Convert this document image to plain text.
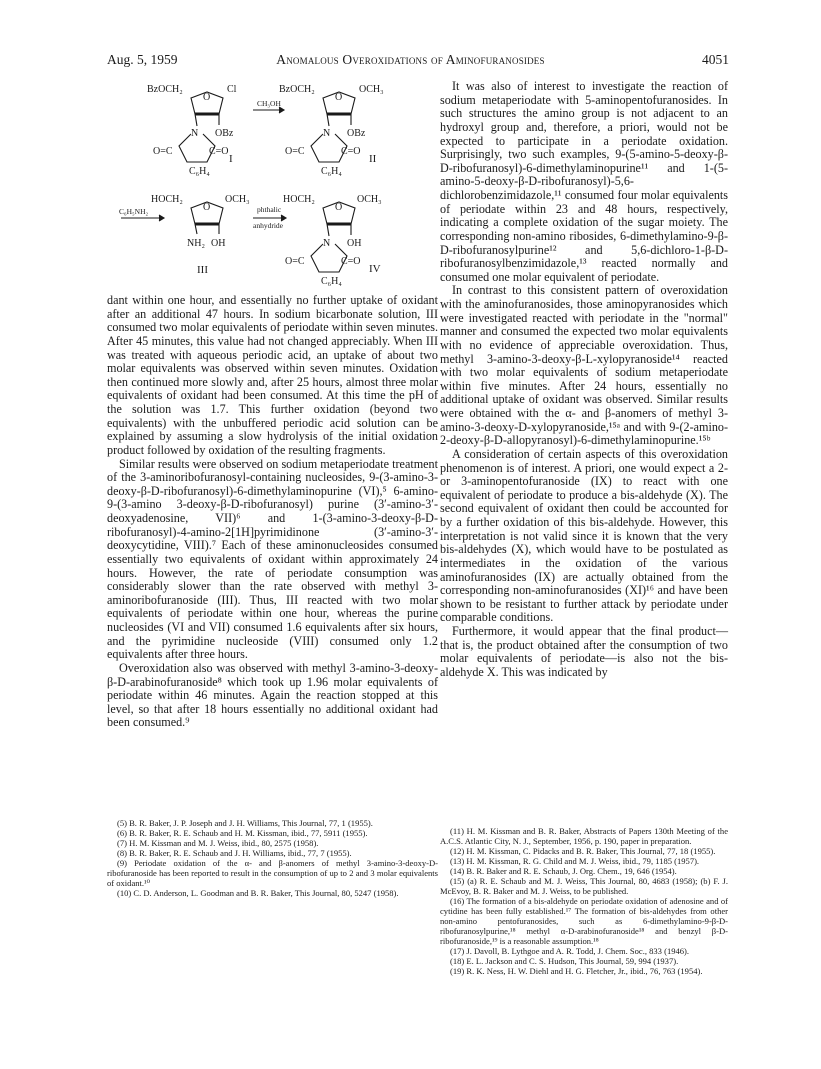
Aug. 5, 1959	Anomalous Overoxidations of Aminofuranosides	4051
BzOCH₂
O
Cl
N OBz
O=C	C=O
C₆H₄
I
CH₃OH
BzOCH₂
O
OCH₃
N OBz
O=C	C=O
C₆H₄
II
C₆H₅NH₂
HOCH₂
O
OCH₃
NH₂ OH
III
phthalic
anhydride
HOCH₂
O
OCH₃
N OH
O=C	C=O
C₆H₄
IV

dant within one hour, and essentially no further uptake of oxidant after an additional 47 hours. In sodium bicarbonate solution, III consumed two molar equivalents of periodate within seven minutes. After 45 minutes, this value had not changed appreciably. When III was treated with aqueous periodic acid, an uptake of about two molar equivalents was observed within seven minutes. Oxidation then continued more slowly and, after 25 hours, almost three molar equivalents of oxidant had been consumed. At this time the pH of the solution was 1.7. This further oxidation (beyond two equivalents) with the unbuffered periodic acid solution can be explained by assuming a slow hydrolysis of the initial oxidation product followed by oxidation of the resulting fragments.

Similar results were observed on sodium metaperiodate treatment of the 3-aminoribofuranosyl-containing nucleosides, 9-(3-amino-3-deoxy-β-D-ribofuranosyl)-6-dimethylaminopurine (VI),⁵ 6-amino-9-(3-amino 3-deoxy-β-D-ribofuranosyl) purine (3′-amino-3′-deoxyadenosine, VII)⁶ and 1-(3-amino-3-deoxy-β-D-ribofuranosyl)-4-amino-2[1H]pyrimidinone (3′-amino-3′-deoxycytidine, VIII).⁷ Each of these aminonucleosides consumed essentially two equivalents of oxidant within approximately 24 hours. However, the rate of periodate consumption was considerably slower than the rate observed with methyl 3-aminoribofuranoside (III). Thus, III reacted with two molar equivalents of periodate within one hour, whereas the purine nucleosides (VI and VII) consumed 1.6 equivalents after six hours, and the pyrimidine nucleoside (VIII) consumed only 1.2 equivalents after three hours.

Overoxidation also was observed with methyl 3-amino-3-deoxy-β-D-arabinofuranoside⁸ which took up 1.96 molar equivalents of periodate within 46 minutes. Again the reaction stopped at this level, so that after 18 hours essentially no additional oxidant had been consumed.⁹

(5) B. R. Baker, J. P. Joseph and J. H. Williams, This Journal, 77, 1 (1955).

(6) B. R. Baker, R. E. Schaub and H. M. Kissman, ibid., 77, 5911 (1955).

(7) H. M. Kissman and M. J. Weiss, ibid., 80, 2575 (1958).

(8) B. R. Baker, R. E. Schaub and J. H. Williams, ibid., 77, 7 (1955).

(9) Periodate oxidation of the α- and β-anomers of methyl 3-amino-3-deoxy-D-ribofuranoside has been reported to result in the consumption of up to 2 and 3 molar equivalents of oxidant.¹⁰

(10) C. D. Anderson, L. Goodman and B. R. Baker, This Journal, 80, 5247 (1958).

It was also of interest to investigate the reaction of sodium metaperiodate with 5-aminopentofuranosides. In such structures the amino group is not adjacent to an hydroxyl group and, therefore, a priori, would not be expected to participate in a periodate oxidation. Surprisingly, two such examples, 9-(5-amino-5-deoxy-β-D-ribofuranosyl)-6-dimethylaminopurine¹¹ and 1-(5-amino-5-deoxy-β-D-ribofuranosyl)-5,6-dichlorobenzimidazole,¹¹ consumed four molar equivalents of periodate within 23 and 48 hours, respectively, indicating a complete oxidation of the sugar moiety. The corresponding non-amino ribosides, 6-dimethylamino-9-β-D-ribofuranosylpurine¹² and 5,6-dichloro-1-β-D-ribofuranosylbenzimidazole,¹³ reacted normally and consumed one molar equivalent of periodate.

In contrast to this consistent pattern of overoxidation with the aminofuranosides, those aminopyranosides which were investigated reacted with periodate in the "normal" manner and consumed the expected two molar equivalents with no evidence of appreciable overoxidation. Thus, methyl 3-amino-3-deoxy-β-L-xylopyranoside¹⁴ reacted with two molar equivalents of sodium metaperiodate within five minutes. After 24 hours, essentially no additional uptake of oxidant was observed. Similar results were obtained with the α- and β-anomers of methyl 3-amino-3-deoxy-D-xylopyranoside,¹⁵ᵃ and with 9-(2-amino-2-deoxy-β-D-allopyranosyl)-6-dimethylaminopurine.¹⁵ᵇ

A consideration of certain aspects of this overoxidation phenomenon is of interest. A priori, one would expect a 2- or 3-aminopentofuranoside (IX) to react with one equivalent of periodate to produce a bis-aldehyde (X). The second equivalent of oxidant then could be accounted for by a further oxidation of this bis-aldehyde. However, this interpretation is not valid since it is known that the very bis-aldehydes (X), which would have to be postulated as intermediates in the oxidation of the various aminofuranosides (IX) are actually obtained from the corresponding non-aminofuranosides (XI)¹⁶ and have been shown to be resistant to further attack by periodate under comparable conditions.

Furthermore, it would appear that the final product—that is, the product obtained after the consumption of two molar equivalents of periodate—is also not the bis-aldehyde X. This was indicated by

(11) H. M. Kissman and B. R. Baker, Abstracts of Papers 130th Meeting of the A.C.S. Atlantic City, N. J., September, 1956, p. 190, paper in preparation.

(12) H. M. Kissman, C. Pidacks and B. R. Baker, This Journal, 77, 18 (1955).

(13) H. M. Kissman, R. G. Child and M. J. Weiss, ibid., 79, 1185 (1957).

(14) B. R. Baker and R. E. Schaub, J. Org. Chem., 19, 646 (1954).

(15) (a) R. E. Schaub and M. J. Weiss, This Journal, 80, 4683 (1958); (b) F. J. McEvoy, B. R. Baker and M. J. Weiss, to be published.

(16) The formation of a bis-aldehyde on periodate oxidation of adenosine and of cytidine has been fully established.¹⁷ The formation of bis-aldehydes from other non-amino pentofuranosides, such as 6-dimethylamino-9-β-D-ribofuranosylpurine,¹⁸ methyl α-D-arabinofuranoside¹⁸ and benzyl β-D-ribofuranoside,¹⁹ is a reasonable assumption.¹⁸

(17) J. Davoll, B. Lythgoe and A. R. Todd, J. Chem. Soc., 833 (1946).

(18) E. L. Jackson and C. S. Hudson, This Journal, 59, 994 (1937).

(19) R. K. Ness, H. W. Diehl and H. G. Fletcher, Jr., ibid., 76, 763 (1954).
